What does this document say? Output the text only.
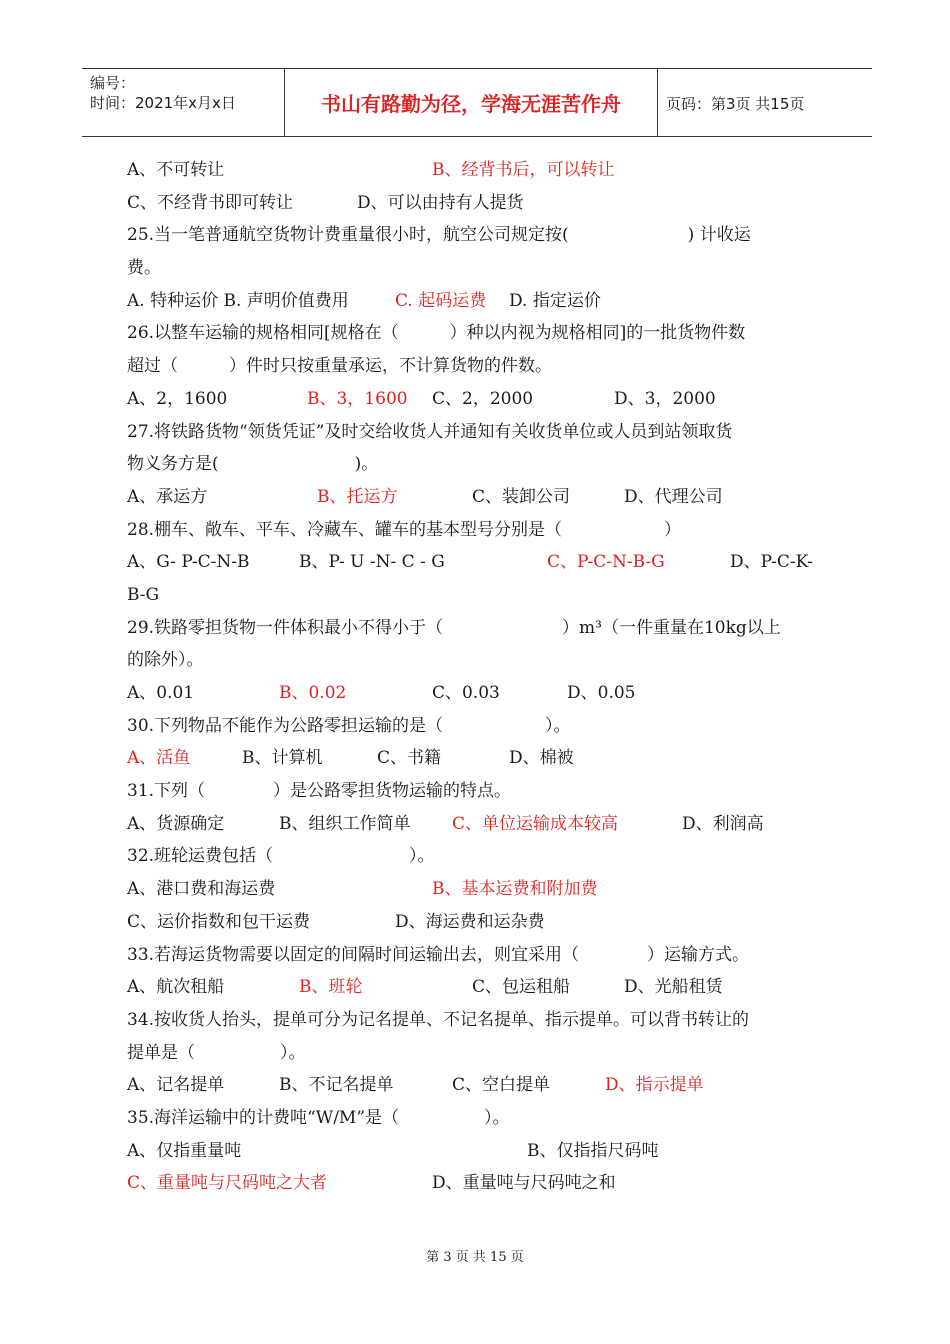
编号：
时间：2021年x月x日	书山有路勤为径，学海无涯苦作舟	页码：第3页 共15页
A、不可转让	B、经背书后，可以转让
C、不经背书即可转让	D、可以由持有人提货
25.当一笔普通航空货物计费重量很小时，航空公司规定按(　　　　　　　) 计收运
费。
A. 特种运价 B. 声明价值费用	C. 起码运费 D. 指定运价
26.以整车运输的规格相同[规格在（　　　）种以内视为规格相同]的一批货物件数
超过（　　　）件时只按重量承运，不计算货物的件数。
A、2，1600	B、3，1600 C、2，2000	D、3，2000
27.将铁路货物“领货凭证”及时交给收货人并通知有关收货单位或人员到站领取货
物义务方是(　　　　　　　　)。
A、承运方	B、托运方	C、装卸公司	D、代理公司
28.棚车、敞车、平车、冷藏车、罐车的基本型号分别是（　　　　　　）
A、G- P-C-N-B	B、P- U -N- C - G	C、P-C-N-B-G	D、P-C-K-
B-G
29.铁路零担货物一件体积最小不得小于（　　　　　　　）m³（一件重量在10kg以上
的除外）。
A、0.01	B、0.02	C、0.03	D、0.05
30.下列物品不能作为公路零担运输的是（　　　　　　）。
A、活鱼	B、计算机	C、书籍	D、棉被
31.下列（　　　　）是公路零担货物运输的特点。
A、货源确定	B、组织工作简单 C、单位运输成本较高	D、利润高
32.班轮运费包括（　　　　　　　　）。
A、港口费和海运费	B、基本运费和附加费
C、运价指数和包干运费	D、海运费和运杂费
33.若海运货物需要以固定的间隔时间运输出去，则宜采用（　　　　）运输方式。
A、航次租船	B、班轮	C、包运租船	D、光船租赁
34.按收货人抬头，提单可分为记名提单、不记名提单、指示提单。可以背书转让的
提单是（　　　　　）。
A、记名提单	B、不记名提单	C、空白提单	D、指示提单
35.海洋运输中的计费吨“W/M”是（　　　　　）。
A、仅指重量吨	B、仅指指尺码吨
C、重量吨与尺码吨之大者	D、重量吨与尺码吨之和
第 3 页 共 15 页
